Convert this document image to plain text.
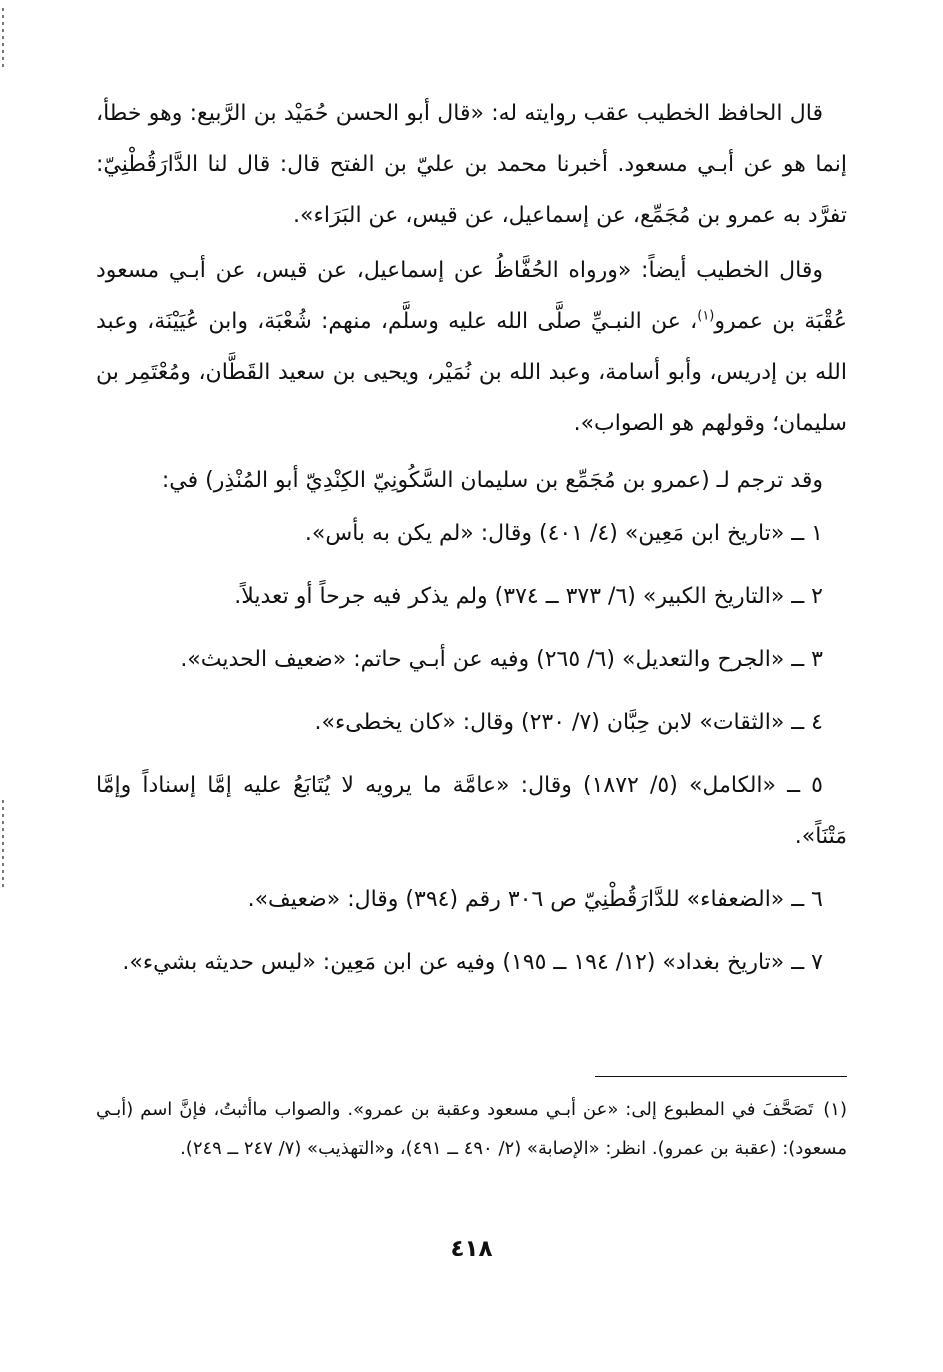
قال الحافظ الخطيب عقب روايته له: «قال أبو الحسن حُمَيْد بن الرَّبيع: وهو خطأ، إنما هو عن أبـي مسعود. أخبرنا محمد بن عليّ بن الفتح قال: قال لنا الدَّارَقُطْنِيّ: تفرَّد به عمرو بن مُجَمِّع، عن إسماعيل، عن قيس، عن البَرَاء».

وقال الخطيب أيضاً: «ورواه الحُفَّاظُ عن إسماعيل، عن قيس، عن أبـي مسعود عُقْبَة بن عمرو$^{(١)}$، عن النبـيِّ صلَّى الله عليه وسلَّم، منهم: شُعْبَة، وابن عُيَيْنَة، وعبد الله بن إدريس، وأبو أسامة، وعبد الله بن نُمَيْر، ويحيى بن سعيد القَطَّان، ومُعْتَمِر بن سليمان؛ وقولهم هو الصواب».

وقد ترجم لـ (عمرو بن مُجَمِّع بن سليمان السَّكُونِيّ الكِنْدِيّ أبو المُنْذِر) في:

١ ــ «تاريخ ابن مَعِين» (٤/ ٤٠١) وقال: «لم يكن به بأس».

٢ ــ «التاريخ الكبير» (٦/ ٣٧٣ ــ ٣٧٤) ولم يذكر فيه جرحاً أو تعديلاً.

٣ ــ «الجرح والتعديل» (٦/ ٢٦٥) وفيه عن أبـي حاتم: «ضعيف الحديث».

٤ ــ «الثقات» لابن حِبَّان (٧/ ٢٣٠) وقال: «كان يخطىء».

٥ ــ «الكامل» (٥/ ١٨٧٢) وقال: «عامَّة ما يرويه لا يُتَابَعُ عليه إمَّا إسناداً وإمَّا مَتْنَاً».

٦ ــ «الضعفاء» للدَّارَقُطْنِيّ ص ٣٠٦ رقم (٣٩٤) وقال: «ضعيف».

٧ ــ «تاريخ بغداد» (١٢/ ١٩٤ ــ ١٩٥) وفيه عن ابن مَعِين: «ليس حديثه بشيء».

(١)تَصَحَّفَ في المطبوع إلى: «عن أبـي مسعود وعقبة بن عمرو». والصواب ماأثبتُ، فإنَّ اسم (أبـي مسعود): (عقبة بن عمرو). انظر: «الإصابة» (٢/ ٤٩٠ ــ ٤٩١)، و«التهذيب» (٧/ ٢٤٧ ــ ٢٤٩).
٤١٨
